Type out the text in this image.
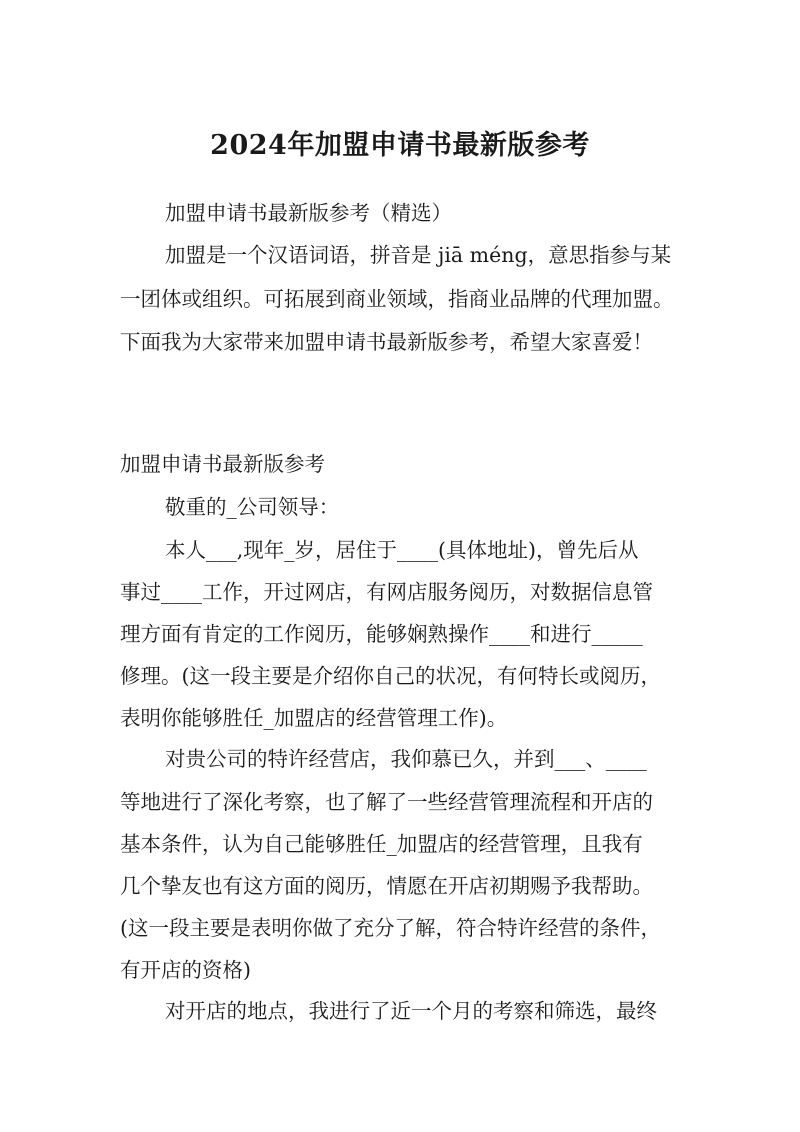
2024年加盟申请书最新版参考
加盟申请书最新版参考（精选）
加盟是一个汉语词语，拼音是 jiā méng，意思指参与某
一团体或组织。可拓展到商业领域，指商业品牌的代理加盟。
下面我为大家带来加盟申请书最新版参考，希望大家喜爱！
加盟申请书最新版参考
敬重的_公司领导：
本人___,现年_岁，居住于____(具体地址)，曾先后从
事过____工作，开过网店，有网店服务阅历，对数据信息管
理方面有肯定的工作阅历，能够娴熟操作____和进行_____
修理。(这一段主要是介绍你自己的状况，有何特长或阅历，
表明你能够胜任_加盟店的经营管理工作)。
对贵公司的特许经营店，我仰慕已久，并到___、____
等地进行了深化考察，也了解了一些经营管理流程和开店的
基本条件，认为自己能够胜任_加盟店的经营管理，且我有
几个挚友也有这方面的阅历，情愿在开店初期赐予我帮助。
(这一段主要是表明你做了充分了解，符合特许经营的条件，
有开店的资格)
对开店的地点，我进行了近一个月的考察和筛选，最终
